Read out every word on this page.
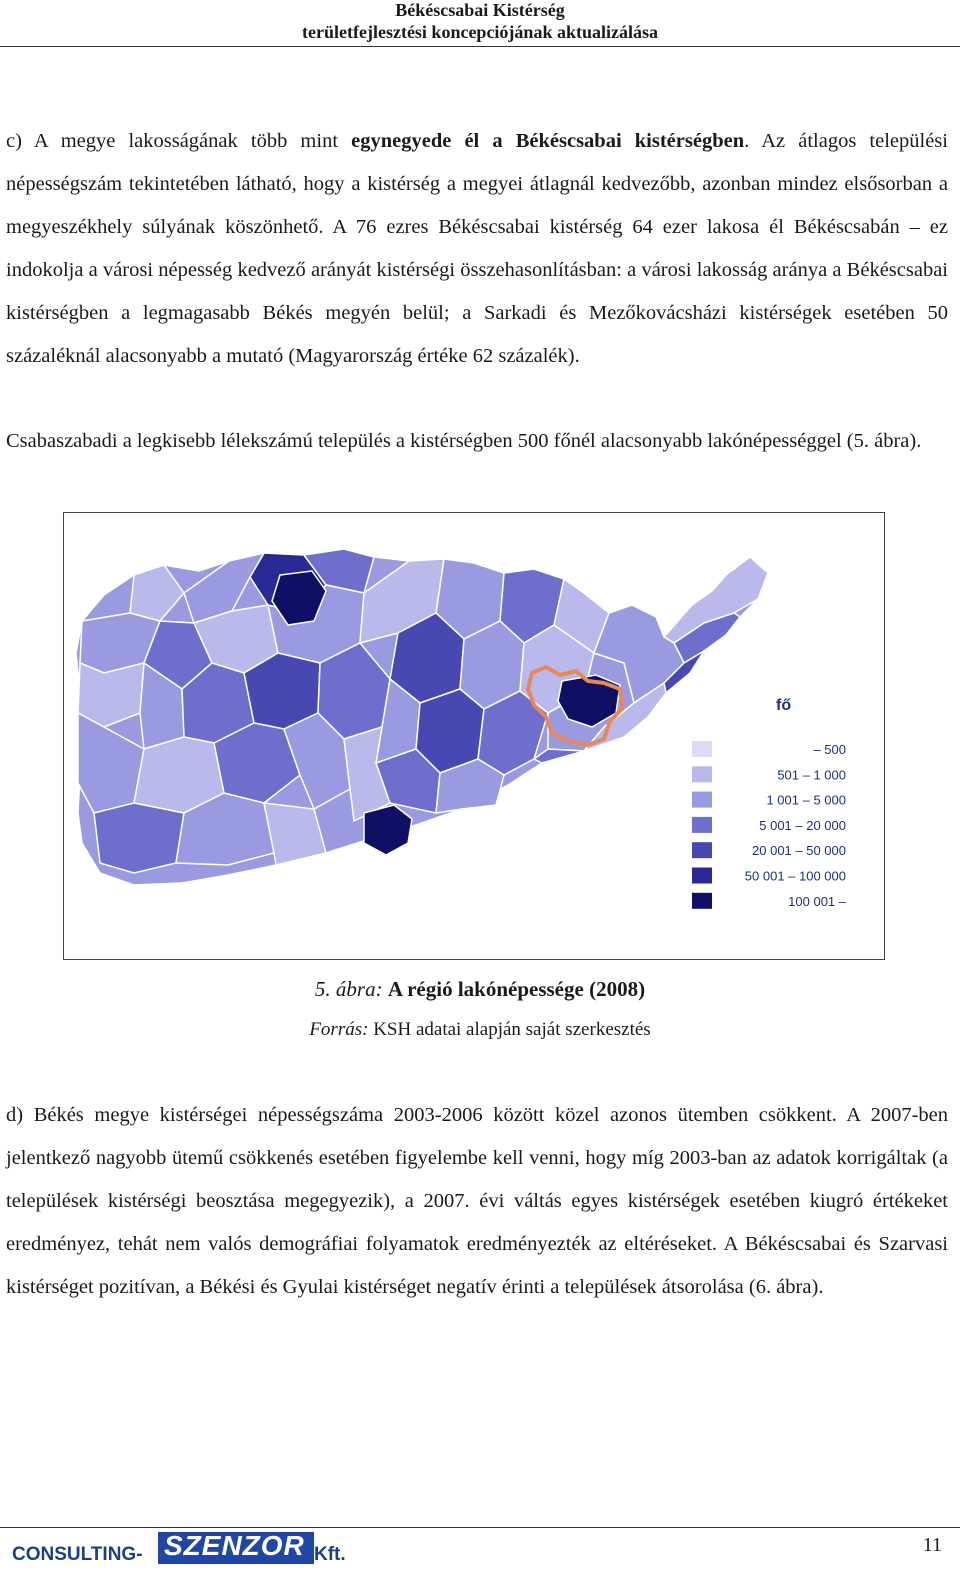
Békéscsabai Kistérség
területfejlesztési koncepciójának aktualizálása
c) A megye lakosságának több mint egynegyede él a Békéscsabai kistérségben. Az átlagos települési népességszám tekintetében látható, hogy a kistérség a megyei átlagnál kedvezőbb, azonban mindez elsősorban a megyeszékhely súlyának köszönhető. A 76 ezres Békéscsabai kistérség 64 ezer lakosa él Békéscsabán – ez indokolja a városi népesség kedvező arányát kistérségi összehasonlításban: a városi lakosság aránya a Békéscsabai kistérségben a legmagasabb Békés megyén belül; a Sarkadi és Mezőkovácsházi kistérségek esetében 50 százaléknál alacsonyabb a mutató (Magyarország értéke 62 százalék).
Csabaszabadi a legkisebb lélekszámú település a kistérségben 500 főnél alacsonyabb lakónépességgel (5. ábra).
fő
– 500
501 – 1 000
1 001 – 5 000
5 001 – 20 000
20 001 – 50 000
50 001 – 100 000
100 001 –
5. ábra: A régió lakónépessége (2008)
Forrás: KSH adatai alapján saját szerkesztés
d) Békés megye kistérségei népességszáma 2003-2006 között közel azonos ütemben csökkent. A 2007-ben jelentkező nagyobb ütemű csökkenés esetében figyelembe kell venni, hogy míg 2003-ban az adatok korrigáltak (a települések kistérségi beosztása megegyezik), a 2007. évi váltás egyes kistérségek esetében kiugró értékeket eredményez, tehát nem valós demográfiai folyamatok eredményezték az eltéréseket. A Békéscsabai és Szarvasi kistérséget pozitívan, a Békési és Gyulai kistérséget negatív érinti a települések átsorolása (6. ábra).
CONSULTING- SZENZOR Kft.	11
